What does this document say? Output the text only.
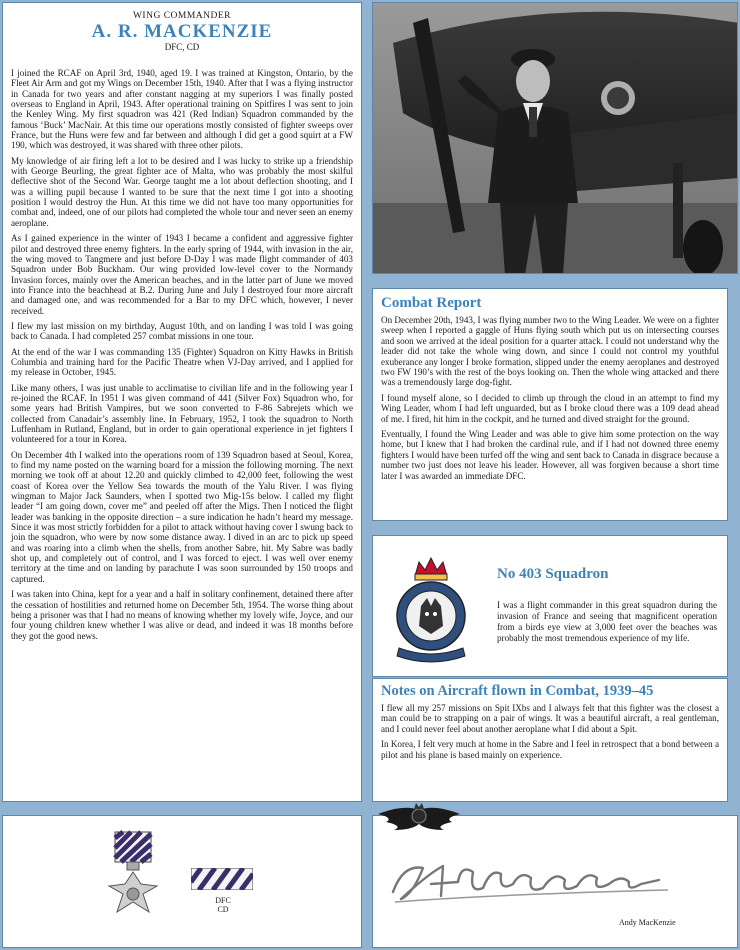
WING COMMANDER
A. R. MACKENZIE
DFC, CD

I joined the RCAF on April 3rd, 1940, aged 19. I was trained at Kingston, Ontario, by the Fleet Air Arm and got my Wings on December 15th, 1940. After that I was a flying instructor in Canada for two years and after constant nagging at my superiors I was finally posted overseas to England in April, 1943. After operational training on Spitfires I was sent to join the Kenley Wing. My first squadron was 421 (Red Indian) Squadron commanded by the famous ‘Buck’ MacNair. At this time our operations mostly consisted of fighter sweeps over France, but the Huns were few and far between and although I did get a good squirt at a FW 190, which was destroyed, it was shared with three other pilots.

My knowledge of air firing left a lot to be desired and I was lucky to strike up a friendship with George Beurling, the great fighter ace of Malta, who was probably the most skilful deflective shot of the Second War. George taught me a lot about deflection shooting, and I was a willing pupil because I wanted to be sure that the next time I got into a shooting position I would destroy the Hun. At this time we did not have too many opportunities for combat and, indeed, one of our pilots had completed the whole tour and never seen an enemy aeroplane.

As I gained experience in the winter of 1943 I became a confident and aggressive fighter pilot and destroyed three enemy fighters. In the early spring of 1944, with invasion in the air, the wing moved to Tangmere and just before D-Day I was made flight commander of 403 Squadron under Bob Buckham. Our wing provided low-level cover to the Normandy Invasion forces, mainly over the American beaches, and in the latter part of June we moved into France into the beachhead at B.2. During June and July I destroyed four more aircraft and damaged one, and was recommended for a Bar to my DFC which, however, I never received.

I flew my last mission on my birthday, August 10th, and on landing I was told I was going back to Canada. I had completed 257 combat missions in one tour.

At the end of the war I was commanding 135 (Fighter) Squadron on Kitty Hawks in British Columbia and training hard for the Pacific Theatre when VJ-Day arrived, and I applied for my release in October, 1945.

Like many others, I was just unable to acclimatise to civilian life and in the following year I re-joined the RCAF. In 1951 I was given command of 441 (Silver Fox) Squadron who, for some years had British Vampires, but we soon converted to F-86 Sabrejets which we collected from Canadair’s assembly line. In February, 1952, I took the squadron to North Luffenham in Rutland, England, but in order to gain operational experience in jet fighters I volunteered for a tour in Korea.

On December 4th I walked into the operations room of 139 Squadron based at Seoul, Korea, to find my name posted on the warning board for a mission the following morning. The next morning we took off at about 12.20 and quickly climbed to 42,000 feet, following the west coast of Korea over the Yellow Sea towards the mouth of the Yalu River. I was flying wingman to Major Jack Saunders, when I spotted two Mig-15s below. I called my flight leader “I am going down, cover me” and peeled off after the Migs. Then I noticed the flight leader was banking in the opposite direction – a sure indication he hadn’t heard my message. Since it was most strictly forbidden for a pilot to attack without having cover I swung back to join the squadron, who were by now some distance away. I dived in an arc to pick up speed and was roaring into a climb when the shells, from another Sabre, hit. My Sabre was badly shot up, and completely out of control, and I was forced to eject. I was well over enemy territory at the time and on landing by parachute I was soon surrounded by 150 troops and captured.

I was taken into China, kept for a year and a half in solitary confinement, detained there after the cessation of hostilities and returned home on December 5th, 1954. The worse thing about being a prisoner was that I had no means of knowing whether my lovely wife, Joyce, and our four young children knew whether I was alive or dead, and indeed it was 18 months before they got the good news.

Combat Report

On December 20th, 1943, I was flying number two to the Wing Leader. We were on a fighter sweep when I reported a gaggle of Huns flying south which put us on intersecting courses and soon we arrived at the ideal position for a quarter attack. I could not understand why the leader did not take the whole wing down, and since I could not control my youthful exuberance any longer I broke formation, slipped under the enemy aeroplanes and destroyed two FW 190’s with the rest of the boys looking on. Then the whole wing attacked and there was a tremendously large dog-fight.

I found myself alone, so I decided to climb up through the cloud in an attempt to find my Wing Leader, whom I had left unguarded, but as I broke cloud there was a 109 dead ahead of me. I fired, hit him in the cockpit, and he turned and dived straight for the ground.

Eventually, I found the Wing Leader and was able to give him some protection on the way home, but I knew that I had broken the cardinal rule, and if I had not downed three enemy fighters I would have been turfed off the wing and sent back to Canada in disgrace because a number two just does not leave his leader. However, all was forgiven because a short time later I was awarded an immediate DFC.

No 403 Squadron

I was a flight commander in this great squadron during the invasion of France and seeing that magnificent operation from a birds eye view at 3,000 feet over the beaches was probably the most tremendous experience of my life.

Notes on Aircraft flown in Combat, 1939–45

I flew all my 257 missions on Spit IXbs and I always felt that this fighter was the closest a man could be to strapping on a pair of wings. It was a beautiful aircraft, a real gentleman, and I could never feel about another aeroplane what I did about a Spit.

In Korea, I felt very much at home in the Sabre and I feel in retrospect that a bond between a pilot and his plane is based mainly on experience.

DFC
CD
Andy MacKenzie
